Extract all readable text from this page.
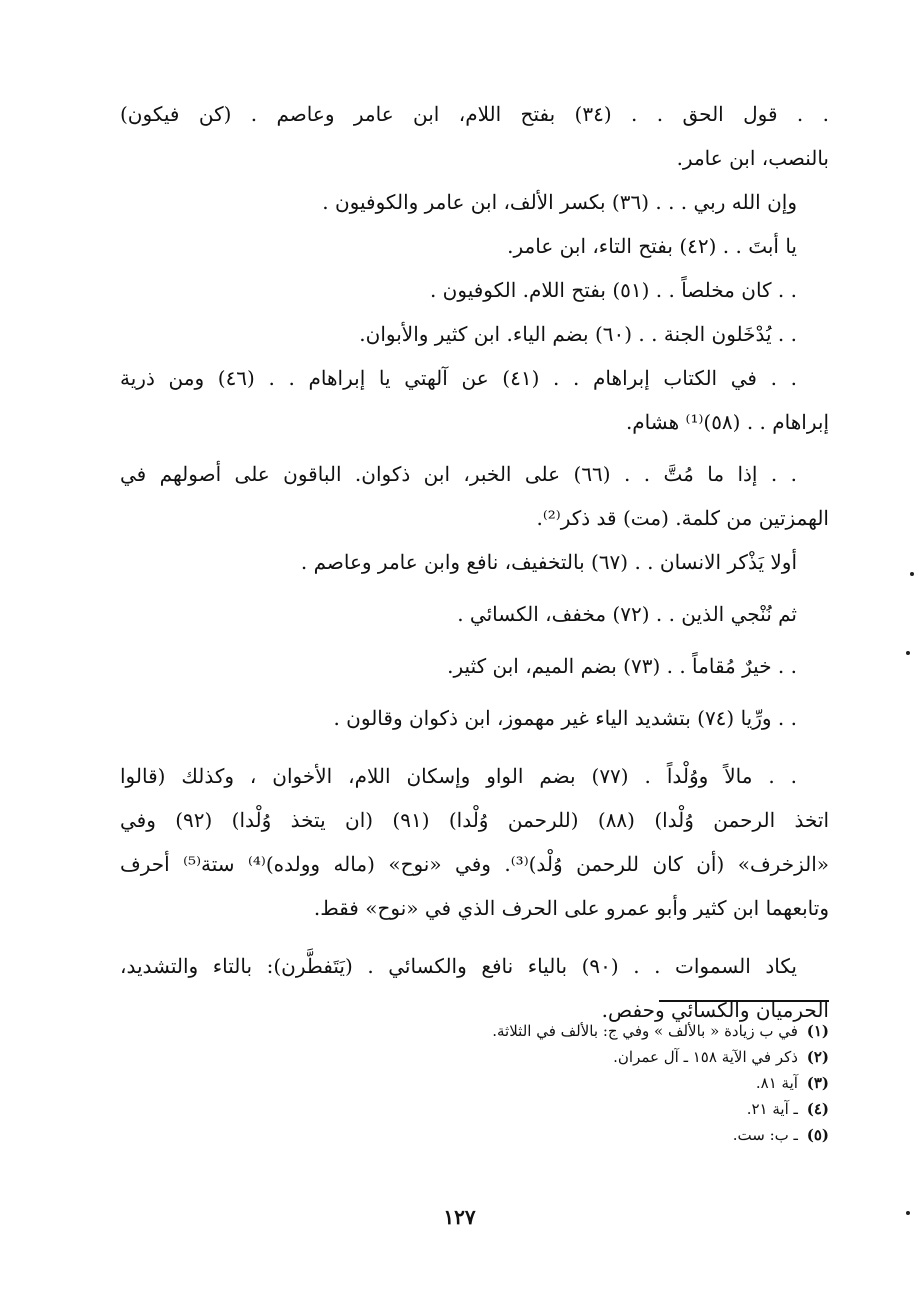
. . قول الحق . . (٣٤) بفتح اللام، ابن عامر وعاصم . (كن فيكون)
بالنصب، ابن عامر.
وإن الله ربي . . . (٣٦) بكسر الألف، ابن عامر والكوفيون .
يا أبتَ . . (٤٢) بفتح التاء، ابن عامر.
. . كان مخلصاً . . (٥١) بفتح اللام. الكوفيون .
. . يُدْخَلون الجنة . . (٦٠) بضم الياء. ابن كثير والأبوان.
. . في الكتاب إبراهام . . (٤١) عن آلهتي يا إبراهام . . (٤٦) ومن ذرية
إبراهام . . (٥٨)⁽¹⁾ هشام.
. . إذا ما مُتَّ . . (٦٦) على الخبر، ابن ذكوان. الباقون على أصولهم في
الهمزتين من كلمة. (مت) قد ذكر⁽²⁾.
أولا يَذْكر الانسان . . (٦٧) بالتخفيف، نافع وابن عامر وعاصم .
ثم نُنْجي الذين . . (٧٢) مخفف، الكسائي .
. . خيرٌ مُقاماً . . (٧٣) بضم الميم، ابن كثير.
. . ورِّيا (٧٤) بتشديد الياء غير مهموز، ابن ذكوان وقالون .
. . مالاً ووُلْداً . (٧٧) بضم الواو وإسكان اللام، الأخوان ، وكذلك (قالوا
اتخذ الرحمن وُلْدا) (٨٨) (للرحمن وُلْدا) (٩١) (ان يتخذ وُلْدا) (٩٢) وفي
«الزخرف» (أن كان للرحمن وُلْد)⁽³⁾. وفي «نوح» (ماله وولده)⁽⁴⁾ ستة⁽⁵⁾ أحرف
وتابعهما ابن كثير وأبو عمرو على الحرف الذي في «نوح» فقط.
يكاد السموات . . (٩٠) بالياء نافع والكسائي . (يَتَفطَّرن): بالتاء والتشديد،
الحرميان والكسائي وحفص.
(١) في ب زيادة « بالألف » وفي ج: بالألف في الثلاثة.
(٢) ذكر في الآية ١٥٨ ـ آل عمران.
(٣) آية ٨١.
(٤) ـ آية ٢١.
(٥) ـ ب: ست.
١٢٧
